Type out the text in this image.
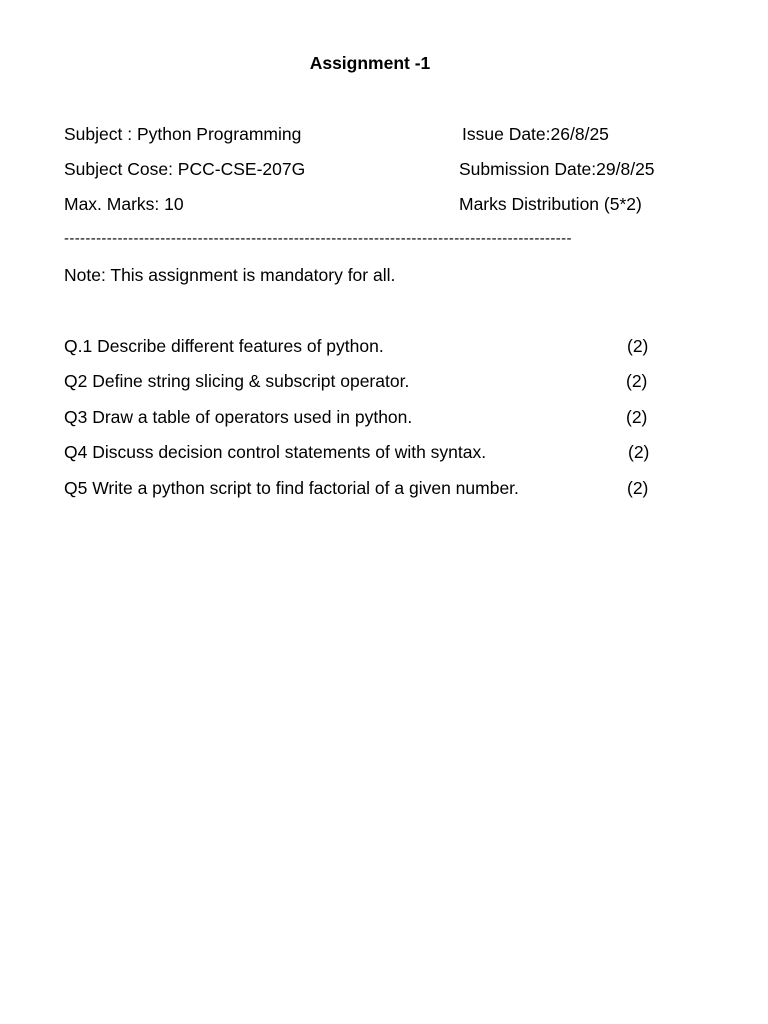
Assignment -1
Subject : Python Programming	Issue Date:26/8/25
Subject Cose: PCC-CSE-207G	Submission Date:29/8/25
Max. Marks: 10	Marks Distribution (5*2)
-----------------------------------------------------------------------------------------------
Note: This assignment is mandatory for all.
Q.1 Describe different features of python.	(2)
Q2 Define string slicing & subscript operator.	(2)
Q3 Draw a table of operators used in python.	(2)
Q4 Discuss decision control statements of with syntax.	(2)
Q5 Write a python script to find factorial of a given number.	(2)
